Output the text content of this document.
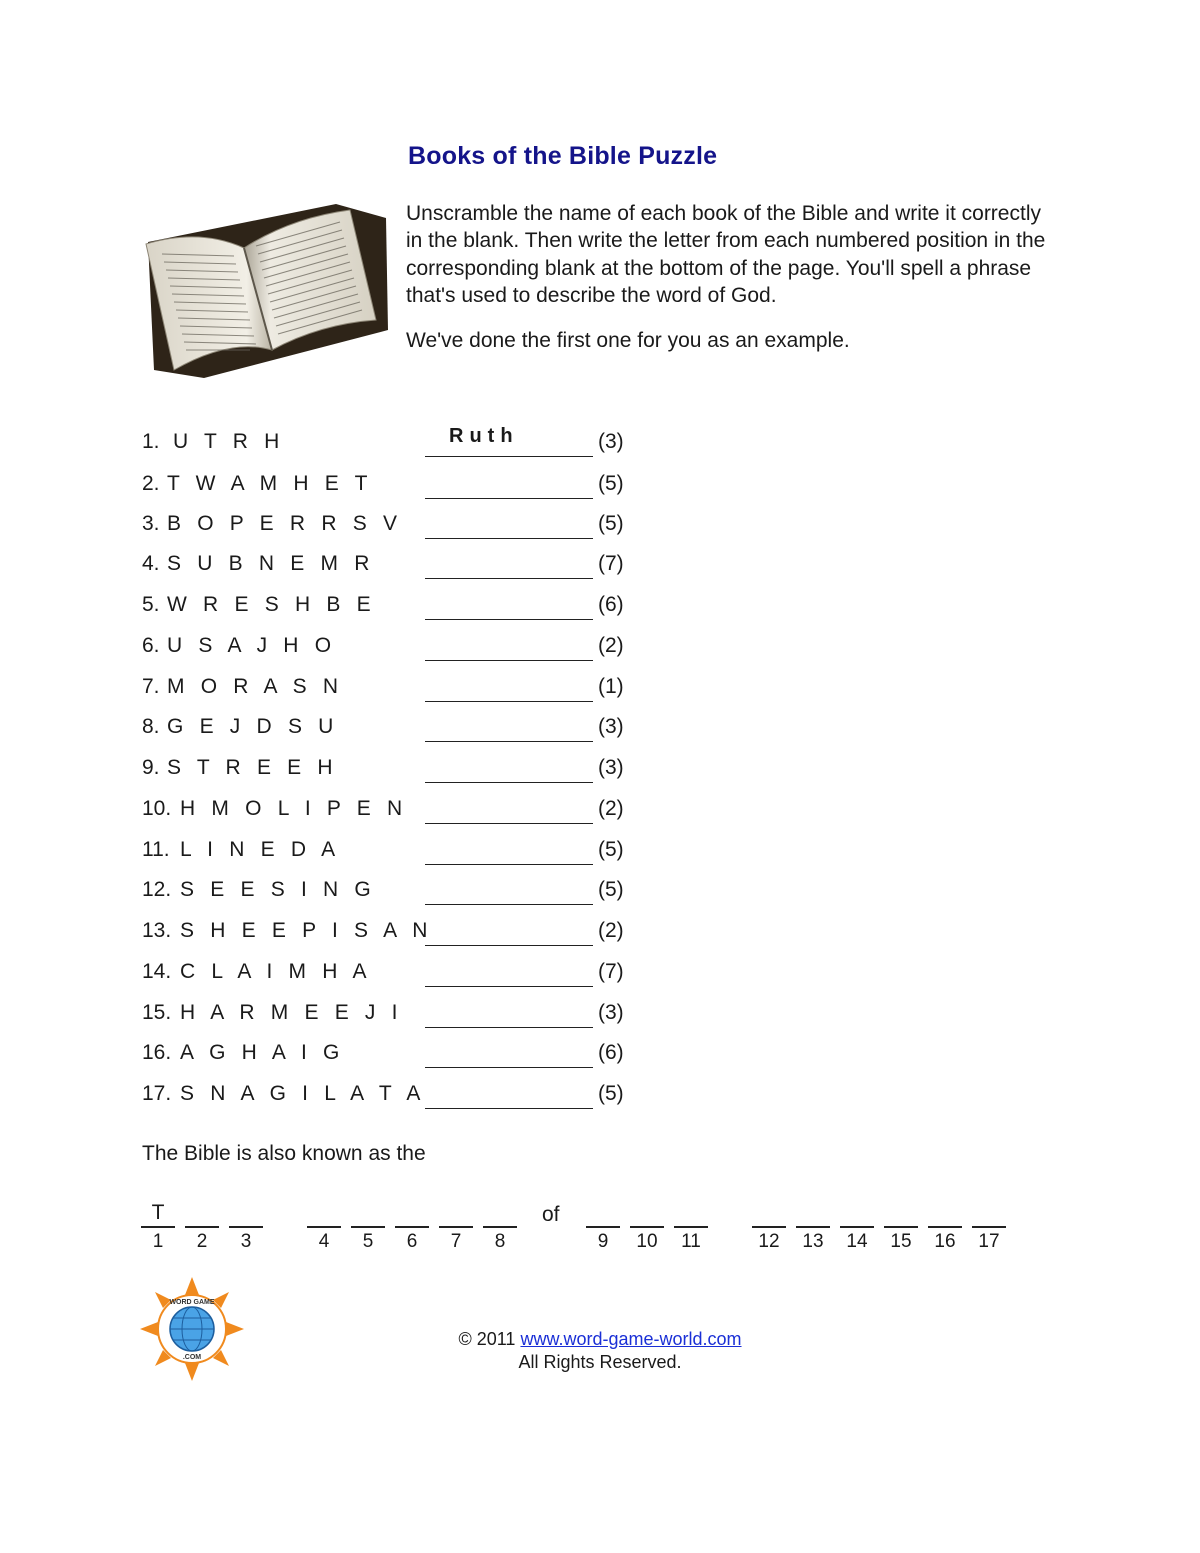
Books of the Bible Puzzle

Unscramble the name of each book of the Bible and write it correctly in the blank. Then write the letter from each numbered position in the corresponding blank at the bottom of the page. You'll spell a phrase that's used to describe the word of God.

We've done the first one for you as an example.

1. U T R H	Ruth	(3)
2. T W A M H E T	(5)
3. B O P E R R S V	(5)
4. S U B N E M R	(7)
5. W R E S H B E	(6)
6. U S A J H O	(2)
7. M O R A S N	(1)
8. G E J D S U	(3)
9. S T R E E H	(3)
10. H M O L I P E N	(2)
11. L I N E D A	(5)
12. S E E S I N G	(5)
13. S H E E P I S A N	(2)
14. C L A I M H A	(7)
15. H A R M E E J I	(3)
16. A G H A I G	(6)
17. S N A G I L A T A	(5)
The Bible is also known as the
T
1	2	3	4	5	6	7	8	9	10	11	12	13	14	15	16	17
of
WORD GAME
.COM
© 2011 www.word-game-world.com
All Rights Reserved.
